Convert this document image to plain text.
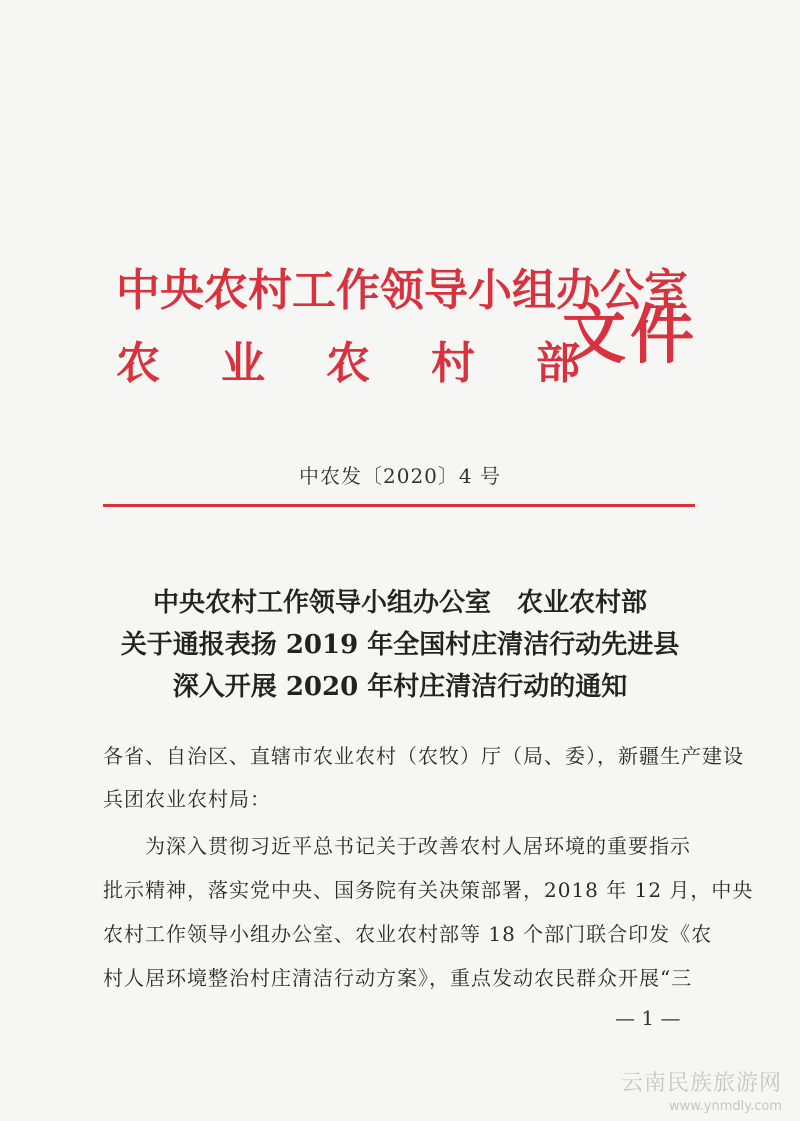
中央农村工作领导小组办公室
农业农村部
文件
中农发〔2020〕4 号
中央农村工作领导小组办公室　农业农村部
关于通报表扬 2019 年全国村庄清洁行动先进县
深入开展 2020 年村庄清洁行动的通知
各省、自治区、直辖市农业农村（农牧）厅（局、委），新疆生产建设
兵团农业农村局：
　　为深入贯彻习近平总书记关于改善农村人居环境的重要指示
批示精神，落实党中央、国务院有关决策部署，2018 年 12 月，中央
农村工作领导小组办公室、农业农村部等 18 个部门联合印发《农
村人居环境整治村庄清洁行动方案》，重点发动农民群众开展“三
— 1 —
云南民族旅游网
www.ynmdly.com
